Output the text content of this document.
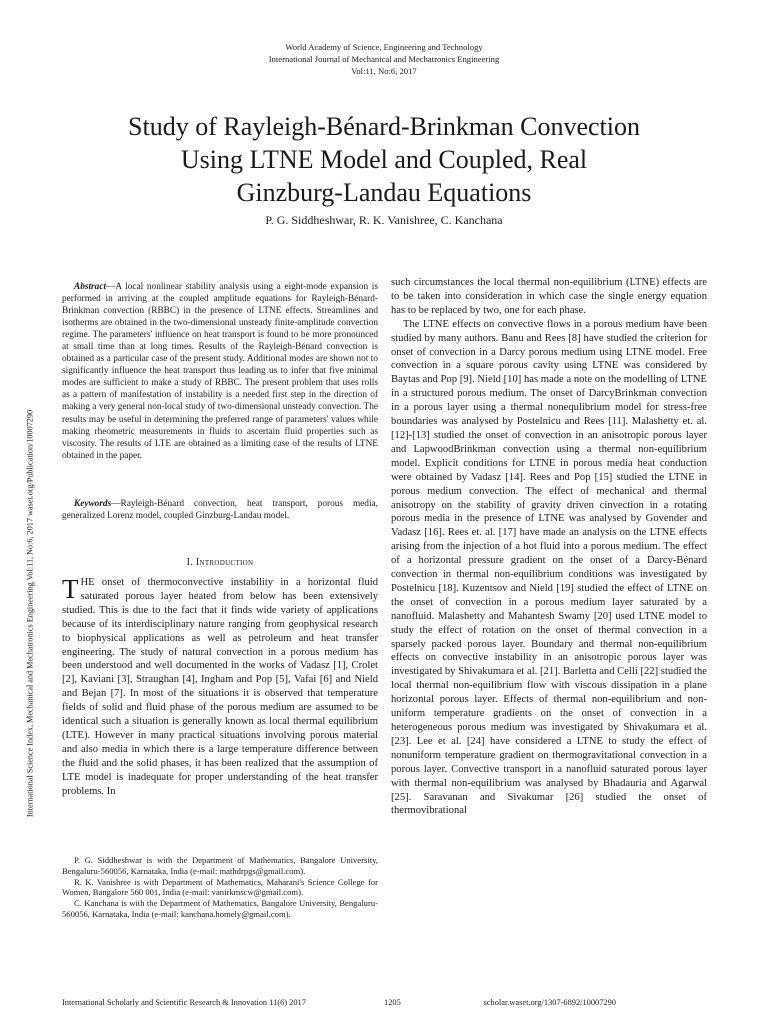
World Academy of Science, Engineering and Technology
International Journal of Mechanical and Mechatronics Engineering
Vol:11, No:6, 2017
Study of Rayleigh-Bénard-Brinkman Convection
Using LTNE Model and Coupled, Real
Ginzburg-Landau Equations
P. G. Siddheshwar, R. K. Vanishree, C. Kanchana
International Science Index, Mechanical and Mechatronics Engineering Vol:11, No:6, 2017 waset.org/Publication/10007290

Abstract—A local nonlinear stability analysis using a eight-mode expansion is performed in arriving at the coupled amplitude equations for Rayleigh-Bénard-Brinkman convection (RBBC) in the presence of LTNE effects. Streamlines and isotherms are obtained in the two-dimensional unsteady finite-amplitude convection regime. The parameters' influence on heat transport is found to be more pronounced at small time than at long times. Results of the Rayleigh-Bénard convection is obtained as a particular case of the present study. Additional modes are shown not to significantly influence the heat transport thus leading us to infer that five minimal modes are sufficient to make a study of RBBC. The present problem that uses rolls as a pattern of manifestation of instability is a needed first step in the direction of making a very general non-local study of two-dimensional unsteady convection. The results may be useful in determining the preferred range of parameters' values while making rheometric measurements in fluids to ascertain fluid properties such as viscosity. The results of LTE are obtained as a limiting case of the results of LTNE obtained in the paper.

Keywords—Rayleigh-Bénard convection, heat transport, porous media, generalized Lorenz model, coupled Ginzburg-Landau model.

I. Introduction

THE onset of thermoconvective instability in a horizontal fluid saturated porous layer heated from below has been extensively studied. This is due to the fact that it finds wide variety of applications because of its interdisciplinary nature ranging from geophysical research to biophysical applications as well as petroleum and heat transfer engineering. The study of natural convection in a porous medium has been understood and well documented in the works of Vadasz [1], Crolet [2], Kaviani [3], Straughan [4], Ingham and Pop [5], Vafai [6] and Nield and Bejan [7]. In most of the situations it is observed that temperature fields of solid and fluid phase of the porous medium are assumed to be identical such a situation is generally known as local thermal equilibrium (LTE). However in many practical situations involving porous material and also media in which there is a large temperature difference between the fluid and the solid phases, it has been realized that the assumption of LTE model is inadequate for proper understanding of the heat transfer problems. In

P. G. Siddheshwar is with the Department of Mathematics, Bangalore University, Bengaluru-560056, Karnataka, India (e-mail: mathdrpgs@gmail.com).

R. K. Vanishree is with Department of Mathematics, Maharani's Science College for Women, Bangalore 560 001, India (e-mail: vanirkmscw@gmail.com).

C. Kanchana is with the Department of Mathematics, Bangalore University, Bengaluru-560056, Karnataka, India (e-mail: kanchana.homely@gmail.com).

such circumstances the local thermal non-equilibrium (LTNE) effects are to be taken into consideration in which case the single energy equation has to be replaced by two, one for each phase.

The LTNE effects on convective flows in a porous medium have been studied by many authors. Banu and Rees [8] have studied the criterion for onset of convection in a Darcy porous medium using LTNE model. Free convection in a square porous cavity using LTNE was considered by Baytas and Pop [9]. Nield [10] has made a note on the modelling of LTNE in a structured porous medium. The onset of DarcyBrinkman convection in a porous layer using a thermal nonequlibrium model for stress-free boundaries was analysed by Postelnicu and Rees [11]. Malashetty et. al.[12]-[13] studied the onset of convection in an anisotropic porous layer and LapwoodBrinkman convection using a thermal non-equilibrium model. Explicit conditions for LTNE in porous media heat conduction were obtained by Vadasz [14]. Rees and Pop [15] studied the LTNE in porous medium convection. The effect of mechanical and thermal anisotropy on the stability of gravity driven cinvection in a rotating porous media in the presence of LTNE was analysed by Govender and Vadasz [16]. Rees et. al. [17] have made an analysis on the LTNE effects arising from the injection of a hot fluid into a porous medium. The effect of a horizontal pressure gradient on the onset of a Darcy-Bénard convection in thermal non-equilibrium conditions was investigated by Postelnicu [18]. Kuzentsov and Nield [19] studied the effect of LTNE on the onset of convection in a porous medium layer saturated by a nanofluid. Malashetty and Mahantesh Swamy [20] used LTNE model to study the effect of rotation on the onset of thermal convection in a sparsely packed porous layer. Boundary and thermal non-equilibrium effects on convective instability in an anisotropic porous layer was investigated by Shivakumara et al. [21]. Barletta and Celli [22] studied the local thermal non-equilibrium flow with viscous dissipation in a plane horizontal porous layer. Effects of thermal non-equilibrium and non-uniform temperature gradients on the onset of convection in a heterogeneous porous medium was investigated by Shivakumara et al. [23]. Lee et al. [24] have considered a LTNE to study the effect of nonuniform temperature gradient on thermogravitational convection in a porous layer. Convective transport in a nanofluid saturated porous layer with thermal non-equilibrium was analysed by Bhadauria and Agarwal [25]. Saravanan and Sivakumar [26] studied the onset of thermovibrational

International Scholarly and Scientific Research & Innovation 11(6) 2017	1205	scholar.waset.org/1307-6892/10007290
